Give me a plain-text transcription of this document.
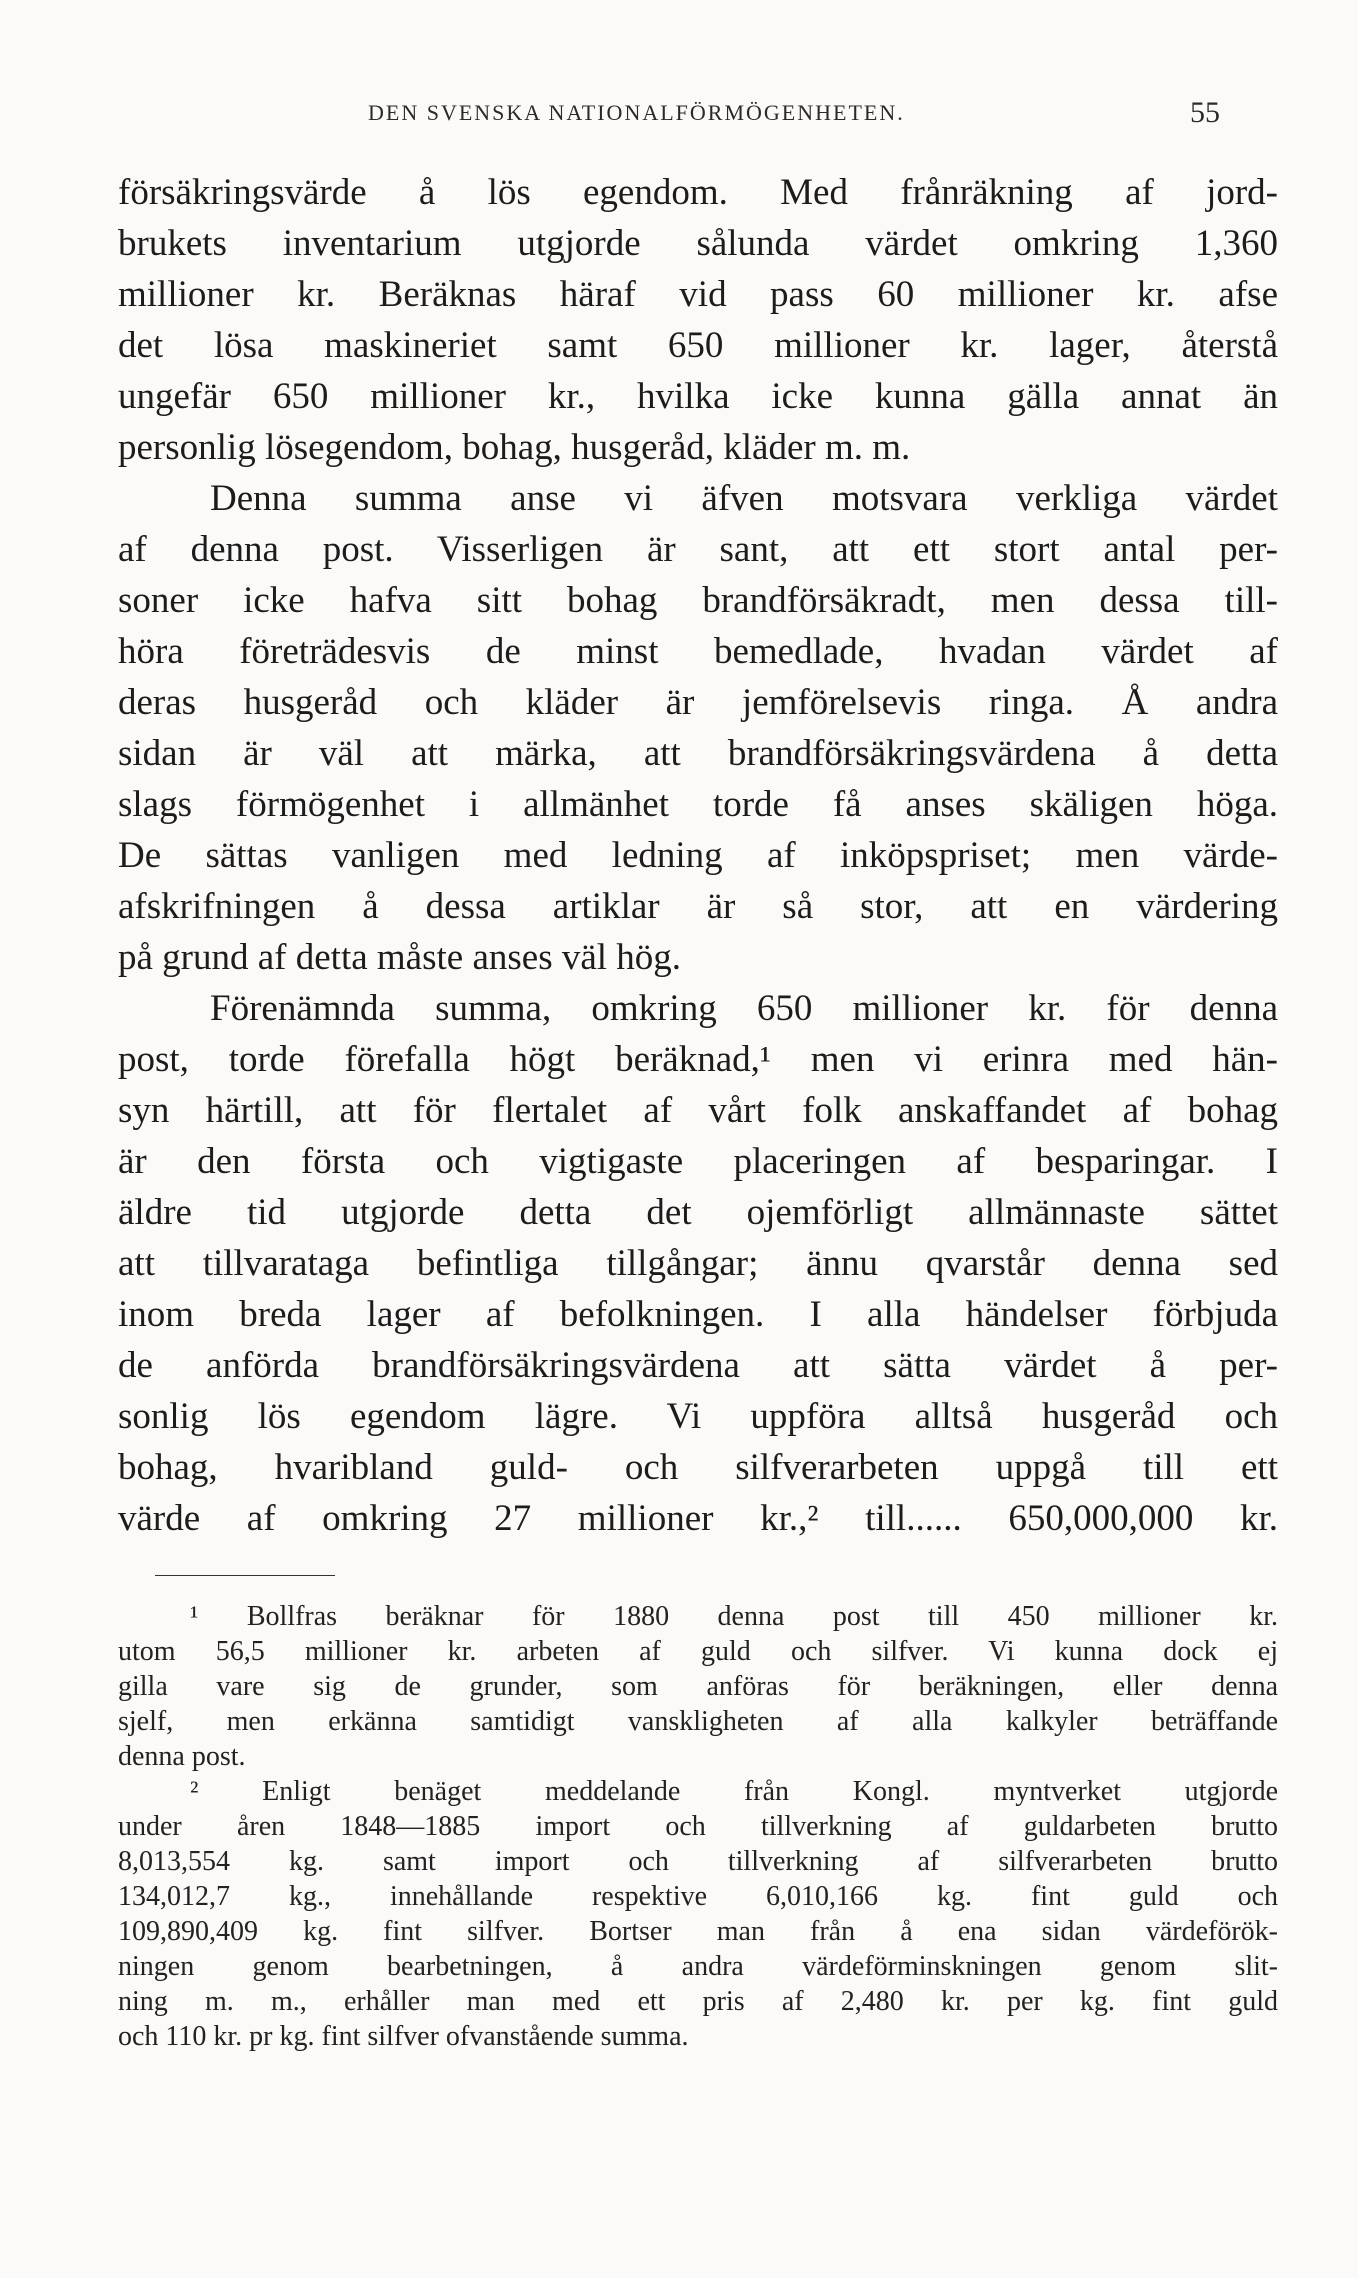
DEN SVENSKA NATIONALFÖRMÖGENHETEN.	55
försäkringsvärde å lös egendom. Med frånräkning af jord-
brukets inventarium utgjorde sålunda värdet omkring 1,360
millioner kr. Beräknas häraf vid pass 60 millioner kr. afse
det lösa maskineriet samt 650 millioner kr. lager, återstå
ungefär 650 millioner kr., hvilka icke kunna gälla annat än
personlig lösegendom, bohag, husgeråd, kläder m. m.
Denna summa anse vi äfven motsvara verkliga värdet
af denna post. Visserligen är sant, att ett stort antal per-
soner icke hafva sitt bohag brandförsäkradt, men dessa till-
höra företrädesvis de minst bemedlade, hvadan värdet af
deras husgeråd och kläder är jemförelsevis ringa. Å andra
sidan är väl att märka, att brandförsäkringsvärdena å detta
slags förmögenhet i allmänhet torde få anses skäligen höga.
De sättas vanligen med ledning af inköpspriset; men värde-
afskrifningen å dessa artiklar är så stor, att en värdering
på grund af detta måste anses väl hög.
Förenämnda summa, omkring 650 millioner kr. för denna
post, torde förefalla högt beräknad,¹ men vi erinra med hän-
syn härtill, att för flertalet af vårt folk anskaffandet af bohag
är den första och vigtigaste placeringen af besparingar. I
äldre tid utgjorde detta det ojemförligt allmännaste sättet
att tillvarataga befintliga tillgångar; ännu qvarstår denna sed
inom breda lager af befolkningen. I alla händelser förbjuda
de anförda brandförsäkringsvärdena att sätta värdet å per-
sonlig lös egendom lägre. Vi uppföra alltså husgeråd och
bohag, hvaribland guld- och silfverarbeten uppgå till ett
värde af omkring 27 millioner kr.,² till...... 650,000,000 kr.
¹ Bollfras beräknar för 1880 denna post till 450 millioner kr.
utom 56,5 millioner kr. arbeten af guld och silfver. Vi kunna dock ej
gilla vare sig de grunder, som anföras för beräkningen, eller denna
sjelf, men erkänna samtidigt vanskligheten af alla kalkyler beträffande
denna post.
² Enligt benäget meddelande från Kongl. myntverket utgjorde
under åren 1848—1885 import och tillverkning af guldarbeten brutto
8,013,554 kg. samt import och tillverkning af silfverarbeten brutto
134,012,7 kg., innehållande respektive 6,010,166 kg. fint guld och
109,890,409 kg. fint silfver. Bortser man från å ena sidan värdeförök-
ningen genom bearbetningen, å andra värdeförminskningen genom slit-
ning m. m., erhåller man med ett pris af 2,480 kr. per kg. fint guld
och 110 kr. pr kg. fint silfver ofvanstående summa.
